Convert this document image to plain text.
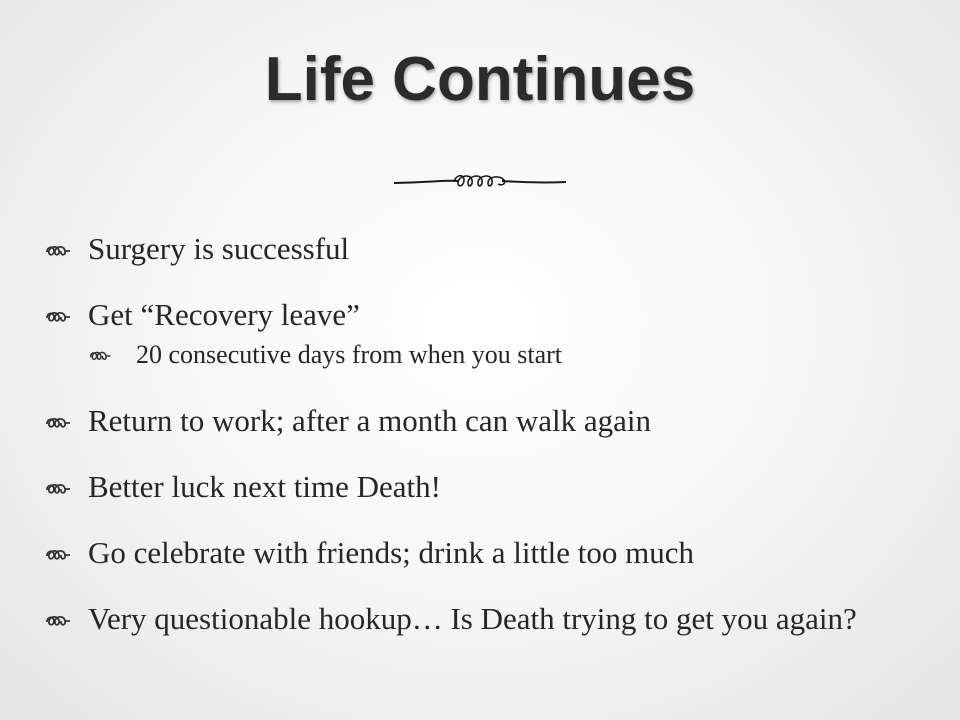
Life Continues
Surgery is successful
Get “Recovery leave”
20 consecutive days from when you start
Return to work; after a month can walk again
Better luck next time Death!
Go celebrate with friends; drink a little too much
Very questionable hookup… Is Death trying to get you again?
